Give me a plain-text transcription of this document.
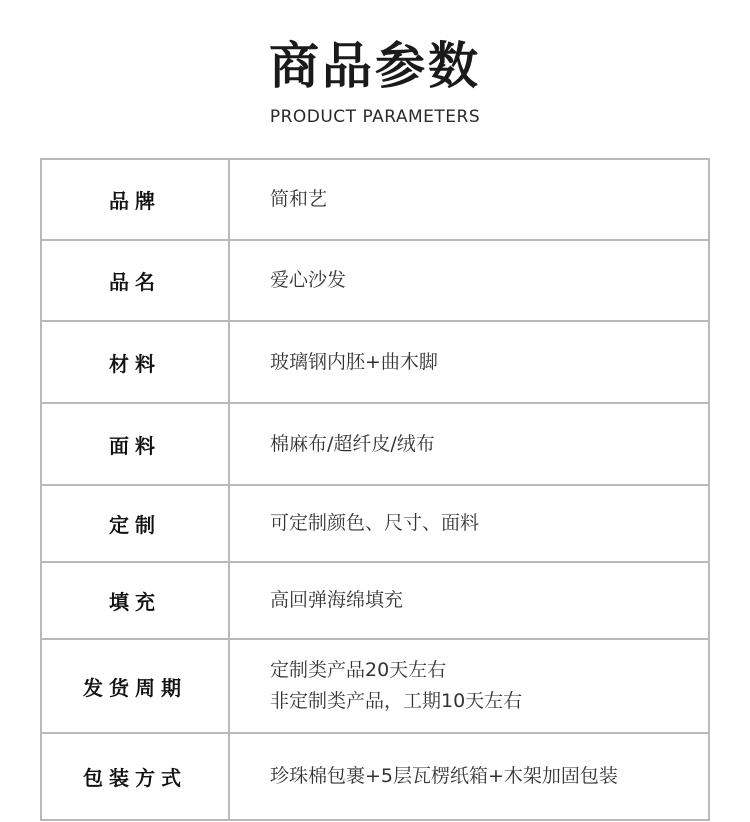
商品参数
PRODUCT PARAMETERS
品牌	简和艺

品名	爱心沙发

材料	玻璃钢内胚+曲木脚

面料	棉麻布/超纤皮/绒布

定制	可定制颜色、尺寸、面料

填充	高回弹海绵填充

发货周期	定制类产品20天左右
非定制类产品，工期10天左右

包装方式	珍珠棉包裹+5层瓦楞纸箱+木架加固包装
